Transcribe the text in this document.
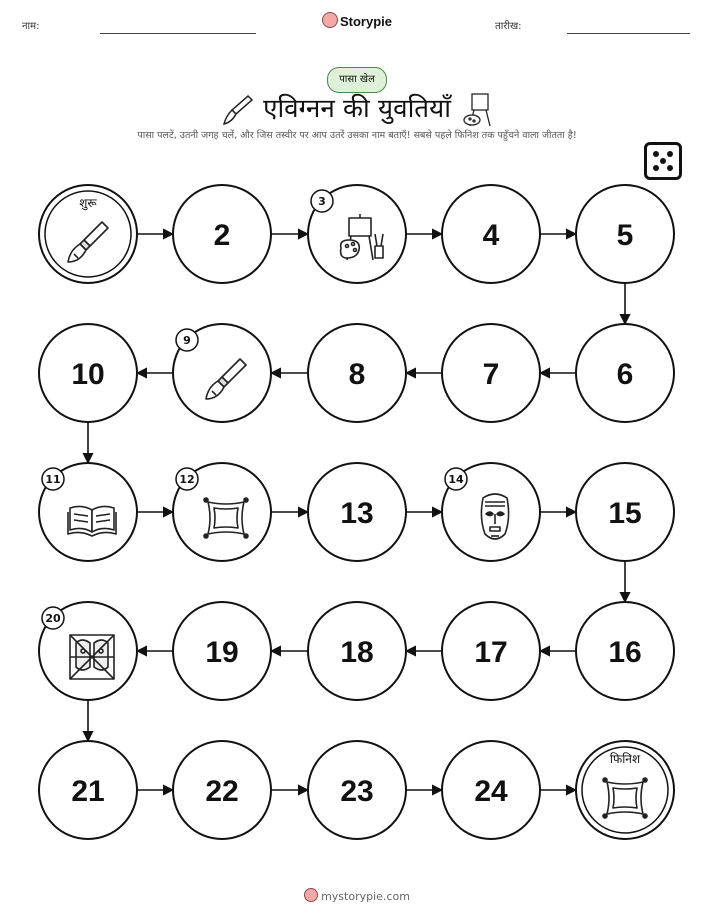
नाम:	Storypie	तारीख:
पासा खेल
एविग्नन की युवतियाँ
पासा पलटें, उतनी जगह चलें, और जिस तस्वीर पर आप उतरें उसका नाम बताएँ! सबसे पहले फिनिश तक पहुँचने वाला जीतता है!
शुरू
2
3
4	5
10
9
8	7	6
11	12
13
14
15
20
19	18	17	16
21	22	23	24
फिनिश
mystorypie.com
